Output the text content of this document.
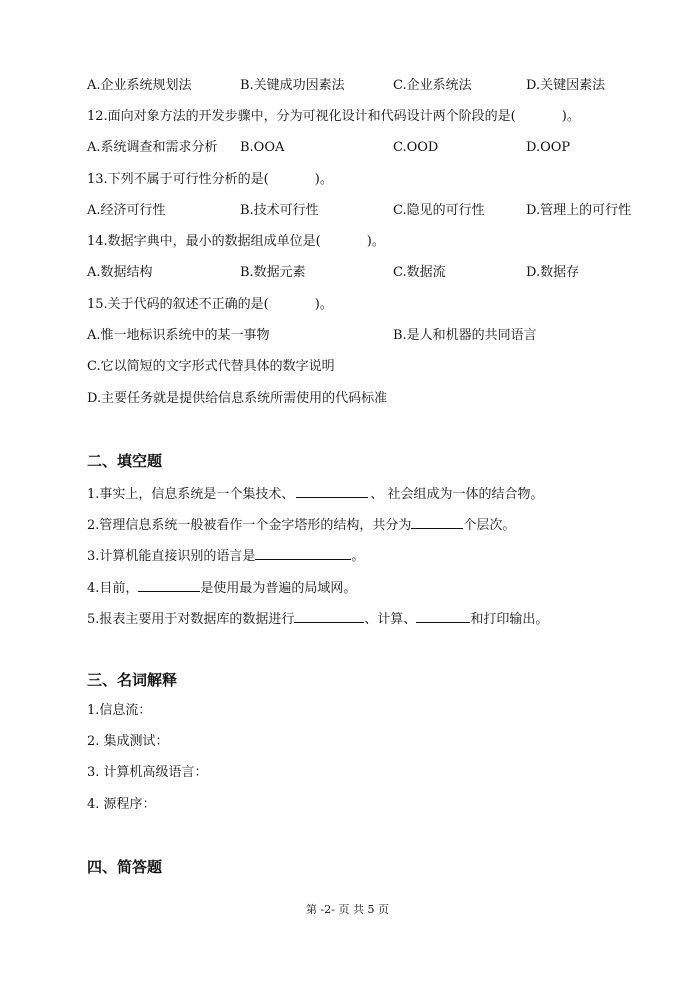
A.企业系统规划法	B.关键成功因素法	C.企业系统法	D.关键因素法
12.面向对象方法的开发步骤中，分为可视化设计和代码设计两个阶段的是(	)。
A.系统调查和需求分析 B.OOA	C.OOD	D.OOP
13.下列不属于可行性分析的是(	)。
A.经济可行性	B.技术可行性	C.隐见的可行性	D.管理上的可行性
14.数据字典中，最小的数据组成单位是(	)。
A.数据结构	B.数据元素	C.数据流	D.数据存
15.关于代码的叙述不正确的是(	)。
A.惟一地标识系统中的某一事物	B.是人和机器的共同语言
C.它以简短的文字形式代替具体的数字说明
D.主要任务就是提供给信息系统所需使用的代码标准
二、填空题
1.事实上，信息系统是一个集技术、	、 社会组成为一体的结合物。
2.管理信息系统一般被看作一个金字塔形的结构，共分为	个层次。
3.计算机能直接识别的语言是	。
4.目前，	是使用最为普遍的局域网。
5.报表主要用于对数据库的数据进行	、计算、	和打印输出。
三、名词解释
1.信息流：
2. 集成测试：
3. 计算机高级语言：
4. 源程序：
四、简答题
第 -2- 页 共 5 页
